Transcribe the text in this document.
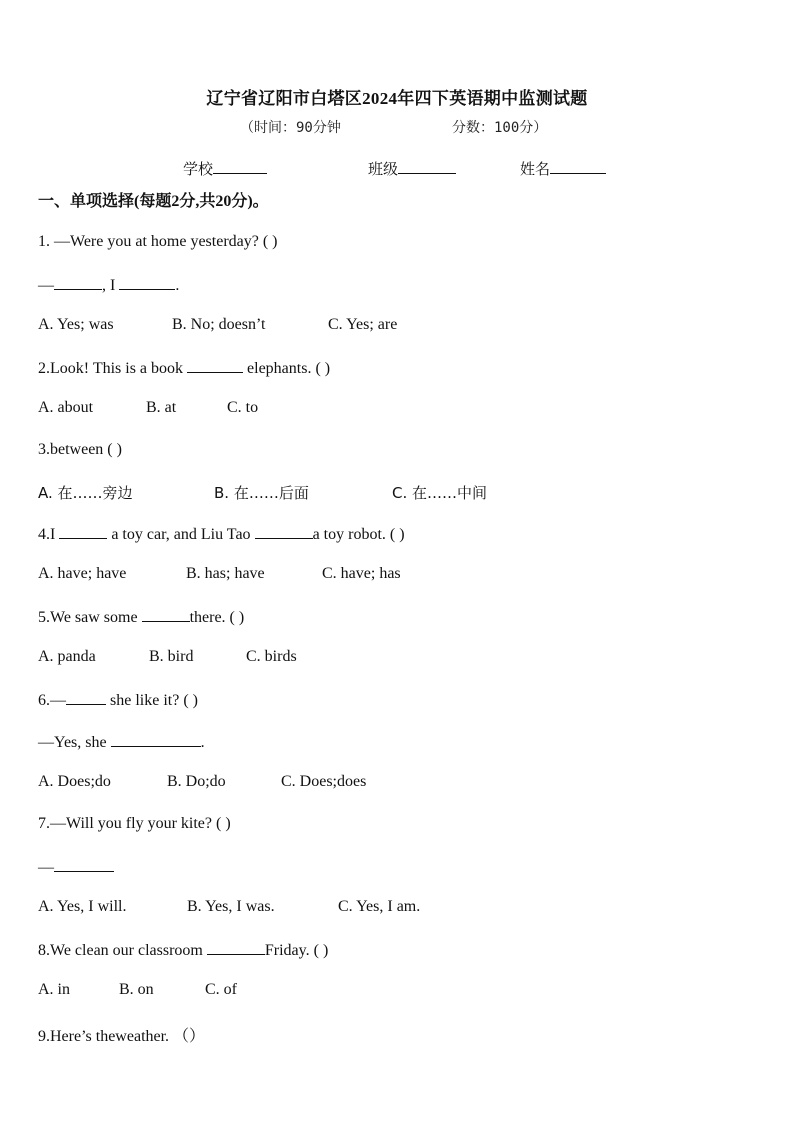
辽宁省辽阳市白塔区2024年四下英语期中监测试题
（时间：90分钟	分数：100分）
学校	班级	姓名
一、单项选择(每题2分,共20分)。
1. —Were you at home yesterday? ( )
—	, I	.
A. Yes; was	B. No; doesn’t	C. Yes; are
2.Look! This is a book	elephants. ( )
A. about	B. at	C. to
3.between ( )
A. 在……旁边	B. 在……后面	C. 在……中间
4.I	a toy car, and Liu Tao	a toy robot. ( )
A. have; have	B. has; have	C. have; has
5.We saw some	there. ( )
A. panda	B. bird	C. birds
6.—	she like it? ( )
—Yes, she	.
A. Does;do	B. Do;do	C. Does;does
7.—Will you fly your kite? ( )
—
A. Yes, I will.	B. Yes, I was.	C. Yes, I am.
8.We clean our classroom	Friday. ( )
A. in	B. on	C. of
9.Here’s theweather. （）
